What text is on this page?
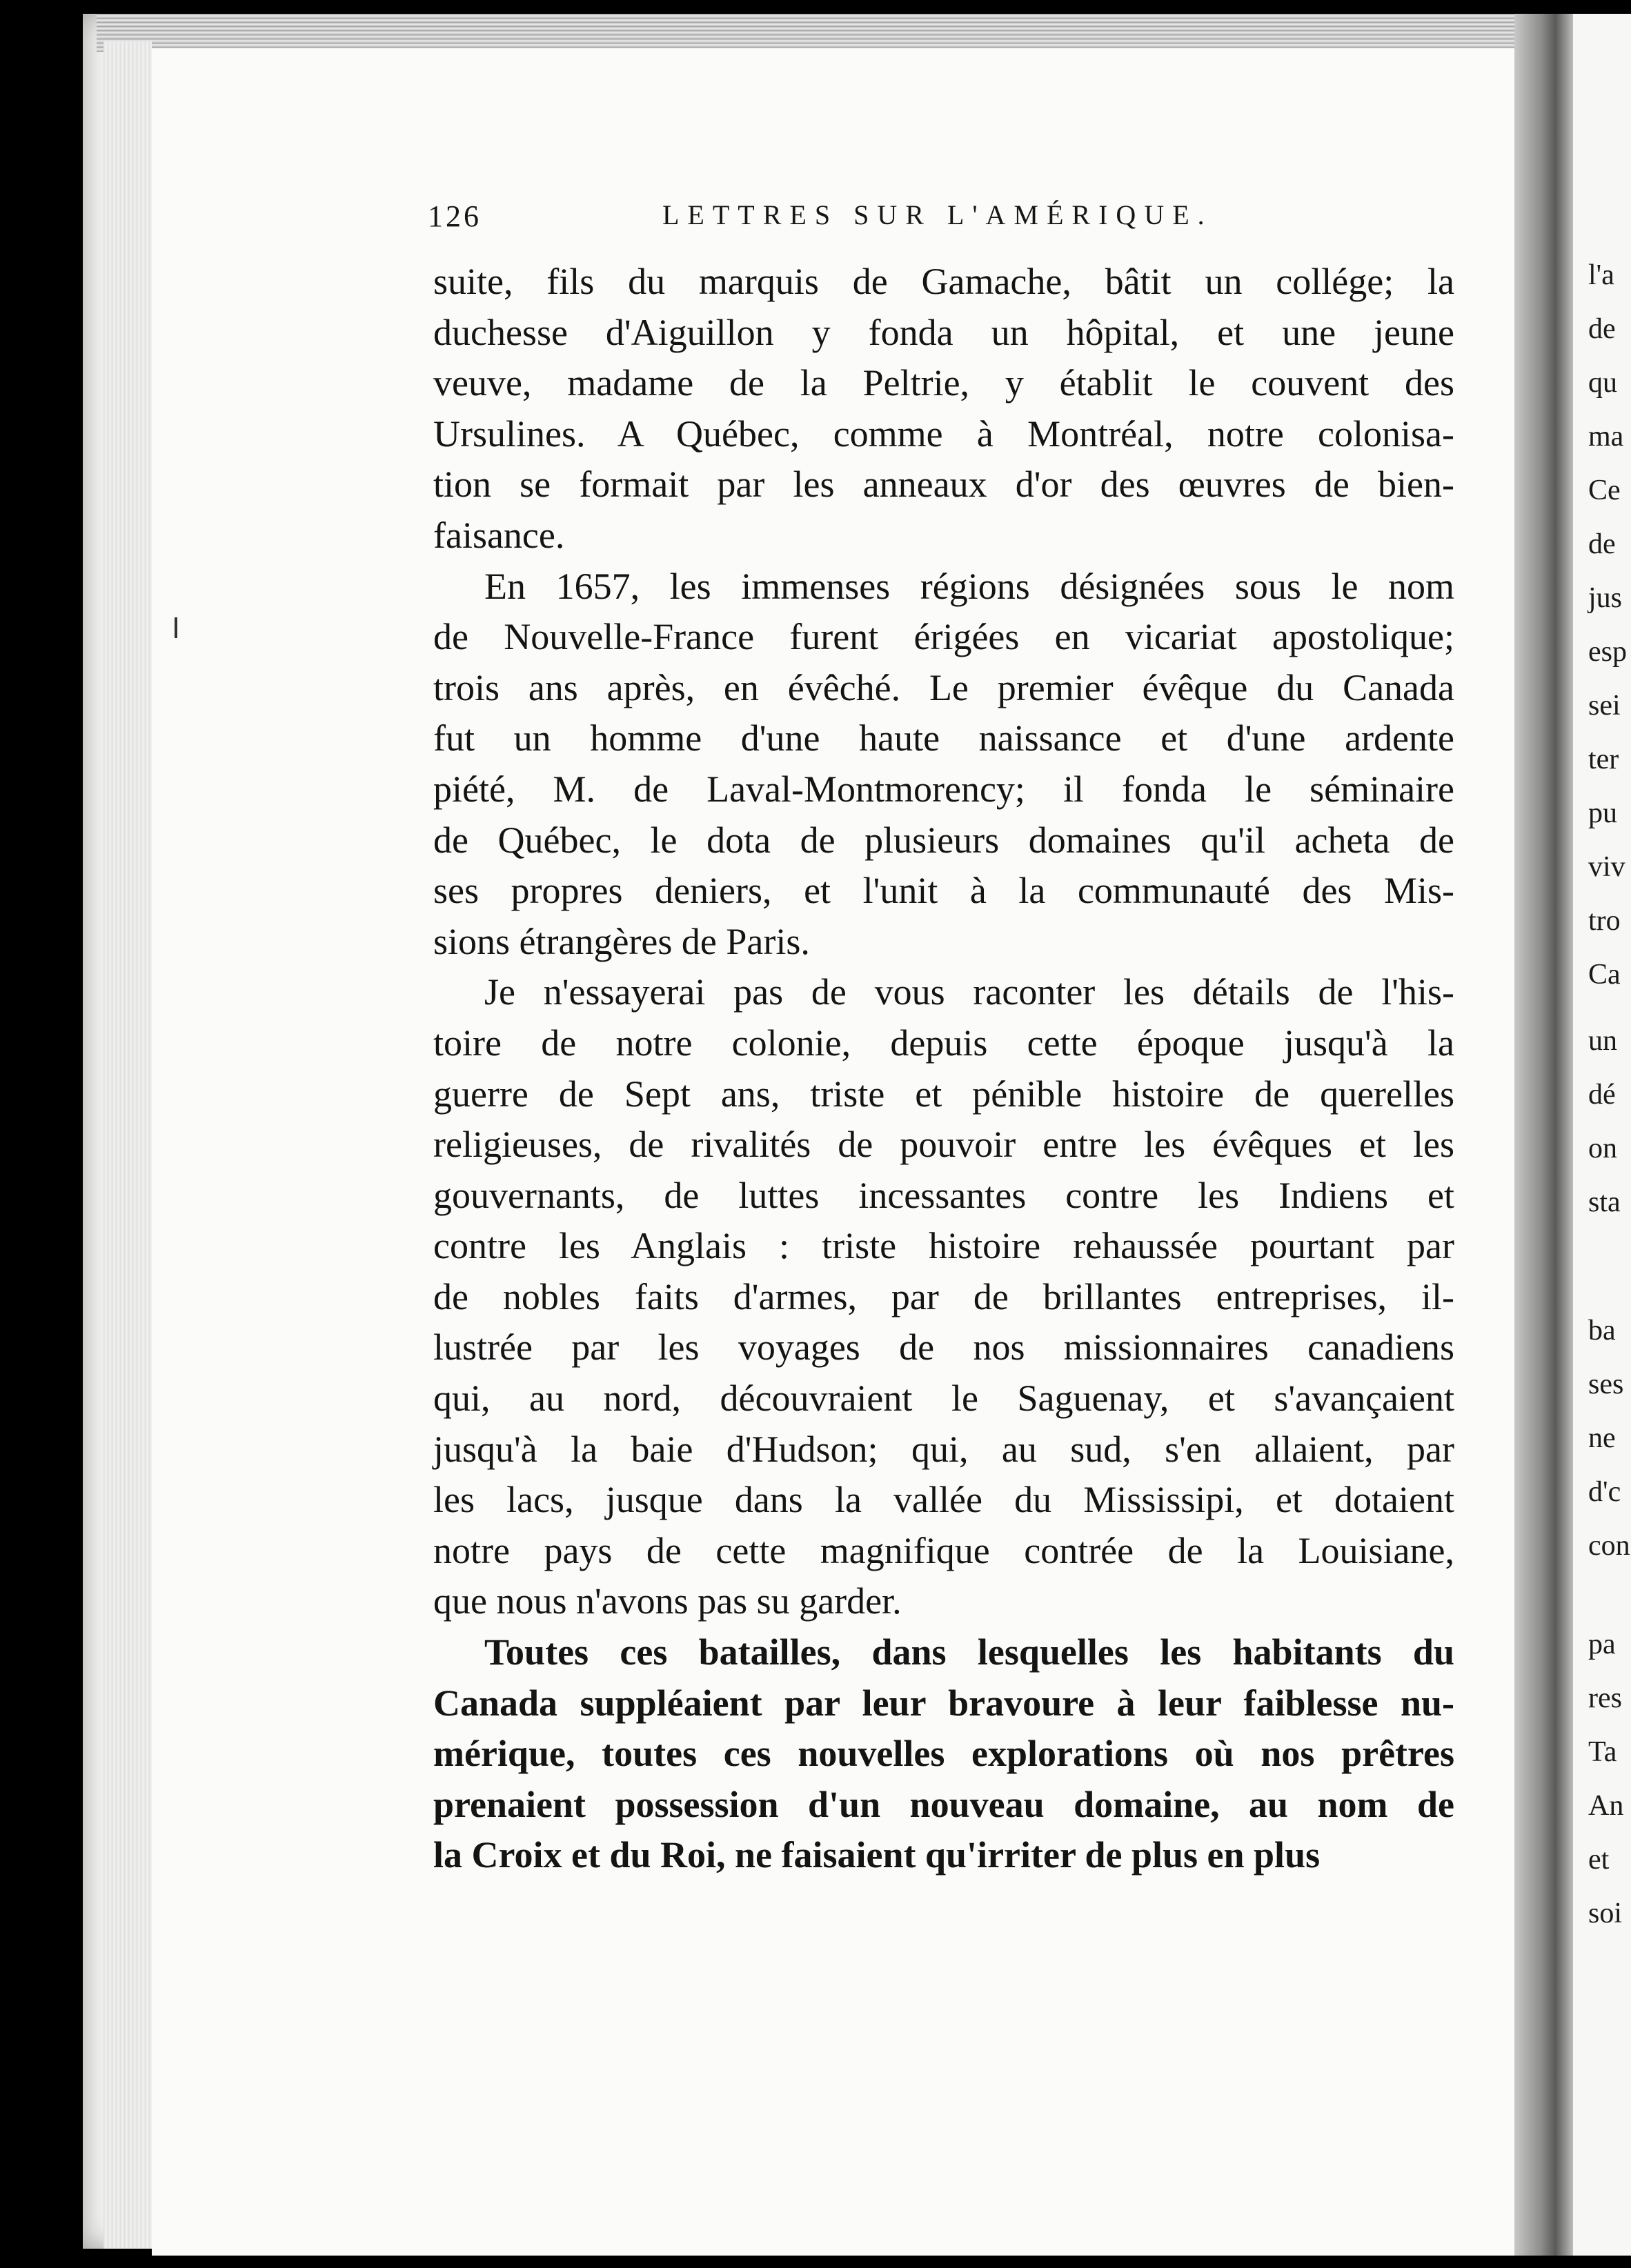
l'a
de
qu
ma
Ce
de
jus
esp
sei
ter
pu
viv
tro
Ca
un
dé
on
sta
ba
ses
ne
d'c
con
pa
res
Ta
An
et
soi
126	LETTRES SUR L'AMÉRIQUE.
suite, fils du marquis de Gamache, bâtit un collége; la
duchesse d'Aiguillon y fonda un hôpital, et une jeune
veuve, madame de la Peltrie, y établit le couvent des
Ursulines. A Québec, comme à Montréal, notre colonisa-
tion se formait par les anneaux d'or des œuvres de bien-
faisance.
En 1657, les immenses régions désignées sous le nom
de Nouvelle-France furent érigées en vicariat apostolique;
trois ans après, en évêché. Le premier évêque du Canada
fut un homme d'une haute naissance et d'une ardente
piété, M. de Laval-Montmorency; il fonda le séminaire
de Québec, le dota de plusieurs domaines qu'il acheta de
ses propres deniers, et l'unit à la communauté des Mis-
sions étrangères de Paris.
Je n'essayerai pas de vous raconter les détails de l'his-
toire de notre colonie, depuis cette époque jusqu'à la
guerre de Sept ans, triste et pénible histoire de querelles
religieuses, de rivalités de pouvoir entre les évêques et les
gouvernants, de luttes incessantes contre les Indiens et
contre les Anglais : triste histoire rehaussée pourtant par
de nobles faits d'armes, par de brillantes entreprises, il-
lustrée par les voyages de nos missionnaires canadiens
qui, au nord, découvraient le Saguenay, et s'avançaient
jusqu'à la baie d'Hudson; qui, au sud, s'en allaient, par
les lacs, jusque dans la vallée du Mississipi, et dotaient
notre pays de cette magnifique contrée de la Louisiane,
que nous n'avons pas su garder.
Toutes ces batailles, dans lesquelles les habitants du
Canada suppléaient par leur bravoure à leur faiblesse nu-
mérique, toutes ces nouvelles explorations où nos prêtres
prenaient possession d'un nouveau domaine, au nom de
la Croix et du Roi, ne faisaient qu'irriter de plus en plus
